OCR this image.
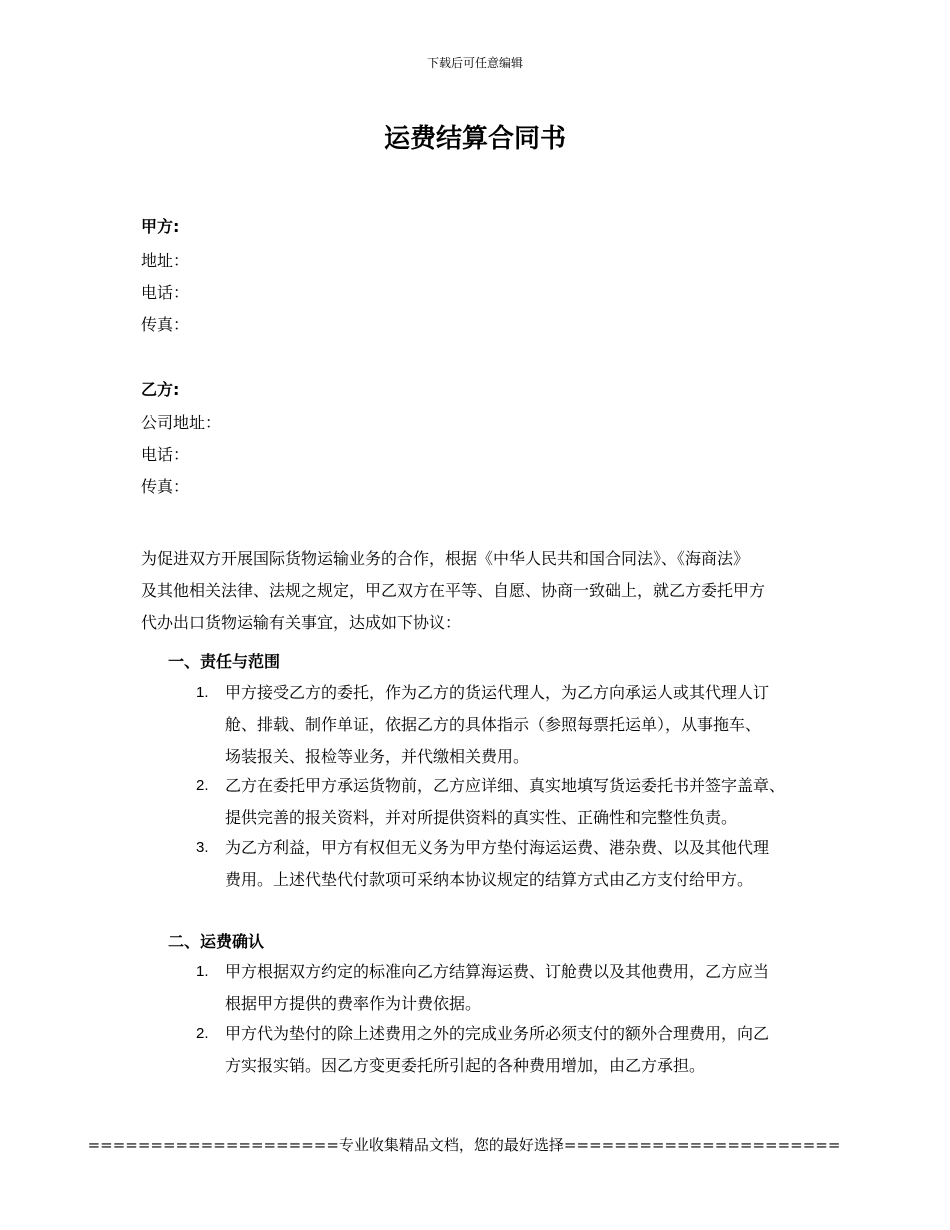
下载后可任意编辑
运费结算合同书
甲方:
地址：
电话：
传真：
乙方:
公司地址：
电话：
传真：
为促进双方开展国际货物运输业务的合作，根据《中华人民共和国合同法》、《海商法》
及其他相关法律、法规之规定，甲乙双方在平等、自愿、协商一致础上，就乙方委托甲方
代办出口货物运输有关事宜，达成如下协议：
一、责任与范围
1. 甲方接受乙方的委托，作为乙方的货运代理人，为乙方向承运人或其代理人订
舱、排载、制作单证，依据乙方的具体指示（参照每票托运单），从事拖车、
场装报关、报检等业务，并代缴相关费用。
2. 乙方在委托甲方承运货物前，乙方应详细、真实地填写货运委托书并签字盖章、
提供完善的报关资料，并对所提供资料的真实性、正确性和完整性负责。
3. 为乙方利益，甲方有权但无义务为甲方垫付海运运费、港杂费、以及其他代理
费用。上述代垫代付款项可采纳本协议规定的结算方式由乙方支付给甲方。
二、运费确认
1. 甲方根据双方约定的标准向乙方结算海运费、订舱费以及其他费用，乙方应当
根据甲方提供的费率作为计费依据。
2. 甲方代为垫付的除上述费用之外的完成业务所必须支付的额外合理费用，向乙
方实报实销。因乙方变更委托所引起的各种费用增加，由乙方承担。
====================专业收集精品文档，您的最好选择======================
